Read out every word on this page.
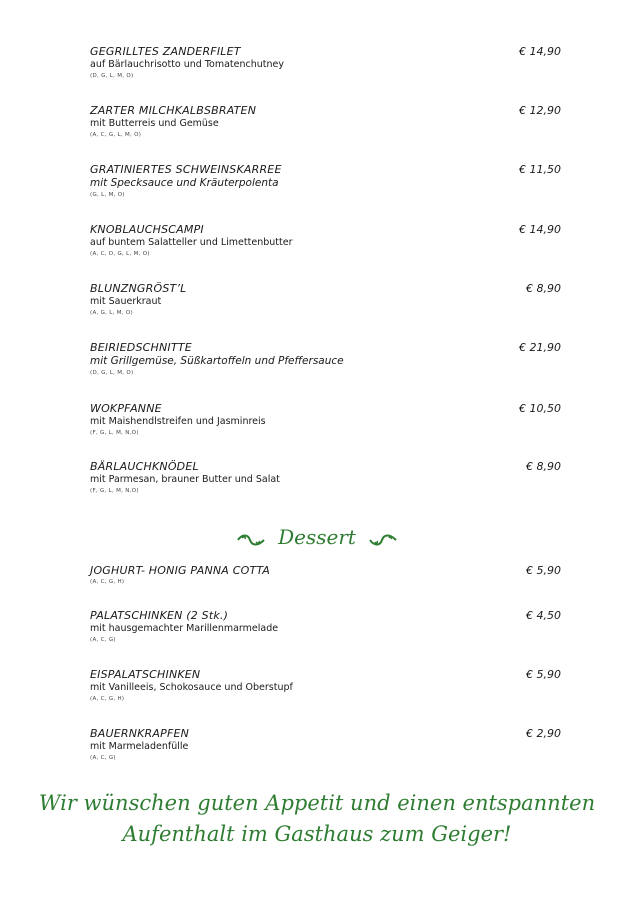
GEGRILLTES ZANDERFILET
auf Bärlauchrisotto und Tomatenchutney
(D, G, L, M, O)
€ 14,90
ZARTER MILCHKALBSBRATEN
mit Butterreis und Gemüse
(A, C, G, L, M, O)
€ 12,90
GRATINIERTES SCHWEINSKARREE
mit Specksauce und Kräuterpolenta
(G, L, M, O)
€ 11,50
KNOBLAUCHSCAMPI
auf buntem Salatteller und Limettenbutter
(A, C, D, G, L, M, O)
€ 14,90
BLUNZNGRÖST’L
mit Sauerkraut
(A, G, L, M, O)
€ 8,90
BEIRIEDSCHNITTE
mit Grillgemüse, Süßkartoffeln und Pfeffersauce
(D, G, L, M, O)
€ 21,90
WOKPFANNE
mit Maishendlstreifen und Jasminreis
(F, G, L, M, N,O)
€ 10,50
BÄRLAUCHKNÖDEL
mit Parmesan, brauner Butter und Salat
(F, G, L, M, N,O)
€ 8,90
Dessert
JOGHURT- HONIG PANNA COTTA
(A, C, G, H)
€ 5,90
PALATSCHINKEN (2 Stk.)
mit hausgemachter Marillenmarmelade
(A, C, G)
€ 4,50
EISPALATSCHINKEN
mit Vanilleeis, Schokosauce und Oberstupf
(A, C, G, H)
€ 5,90
BAUERNKRAPFEN
mit Marmeladenfülle
(A, C, G)
€ 2,90
Wir wünschen guten Appetit und einen entspannten
Aufenthalt im Gasthaus zum Geiger!
